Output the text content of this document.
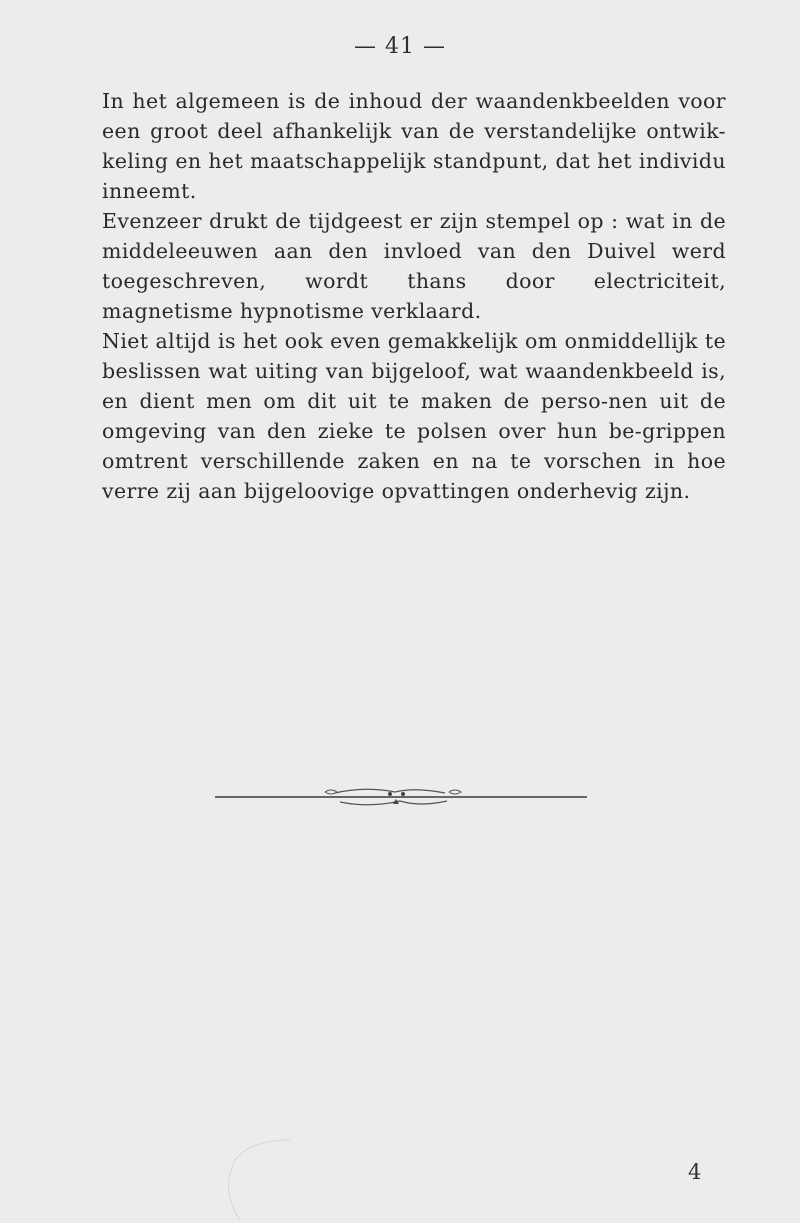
— 41 —

In het algemeen is de inhoud der waandenkbeelden voor een groot deel afhankelijk van de verstandelijke ontwik-keling en het maatschappelijk standpunt, dat het individu inneemt.

Evenzeer drukt de tijdgeest er zijn stempel op : wat in de middeleeuwen aan den invloed van den Duivel werd toegeschreven, wordt thans door electriciteit, magnetisme hypnotisme verklaard.

Niet altijd is het ook even gemakkelijk om onmiddellijk te beslissen wat uiting van bijgeloof, wat waandenkbeeld is, en dient men om dit uit te maken de perso-nen uit de omgeving van den zieke te polsen over hun be-grippen omtrent verschillende zaken en na te vorschen in hoe verre zij aan bijgeloovige opvattingen onderhevig zijn.

4
